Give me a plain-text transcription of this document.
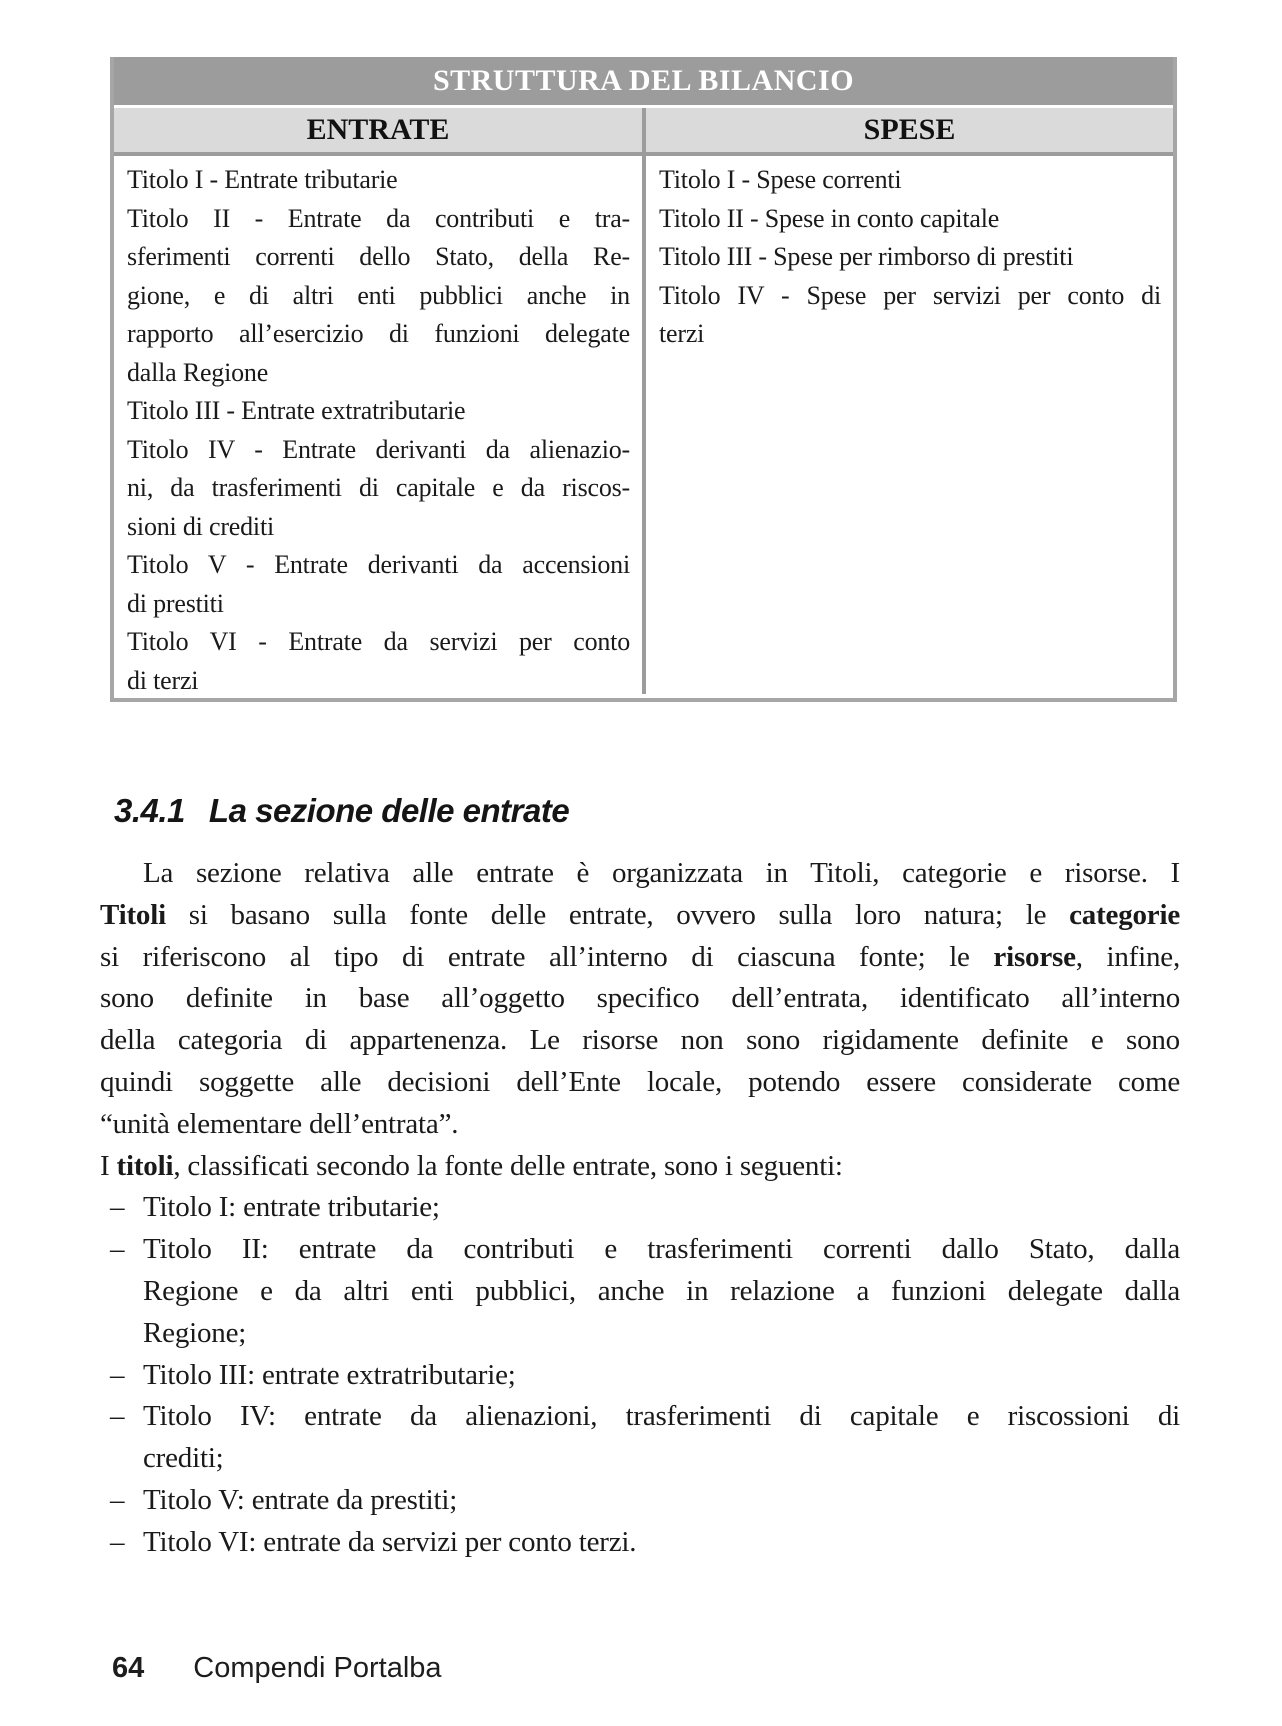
STRUTTURA DEL BILANCIO
ENTRATE	SPESE
Titolo I - Entrate tributarie
Titolo II - Entrate da contributi e tra-
sferimenti correnti dello Stato, della Re-
gione, e di altri enti pubblici anche in
rapporto all’esercizio di funzioni delegate
dalla Regione
Titolo III - Entrate extratributarie
Titolo IV - Entrate derivanti da alienazio-
ni, da trasferimenti di capitale e da riscos-
sioni di crediti
Titolo V - Entrate derivanti da accensioni
di prestiti
Titolo VI - Entrate da servizi per conto
di terzi
Titolo I - Spese correnti
Titolo II - Spese in conto capitale
Titolo III - Spese per rimborso di prestiti
Titolo IV - Spese per servizi per conto di
terzi
3.4.1 La sezione delle entrate
La sezione relativa alle entrate è organizzata in Titoli, categorie e risorse. I
Titoli si basano sulla fonte delle entrate, ovvero sulla loro natura; le categorie
si riferiscono al tipo di entrate all’interno di ciascuna fonte; le risorse, infine,
sono definite in base all’oggetto specifico dell’entrata, identificato all’interno
della categoria di appartenenza. Le risorse non sono rigidamente definite e sono
quindi soggette alle decisioni dell’Ente locale, potendo essere considerate come
“unità elementare dell’entrata”.
I titoli, classificati secondo la fonte delle entrate, sono i seguenti:
– Titolo I: entrate tributarie;
– Titolo II: entrate da contributi e trasferimenti correnti dallo Stato, dalla
Regione e da altri enti pubblici, anche in relazione a funzioni delegate dalla
Regione;
– Titolo III: entrate extratributarie;
– Titolo IV: entrate da alienazioni, trasferimenti di capitale e riscossioni di
crediti;
– Titolo V: entrate da prestiti;
– Titolo VI: entrate da servizi per conto terzi.
64 Compendi Portalba
